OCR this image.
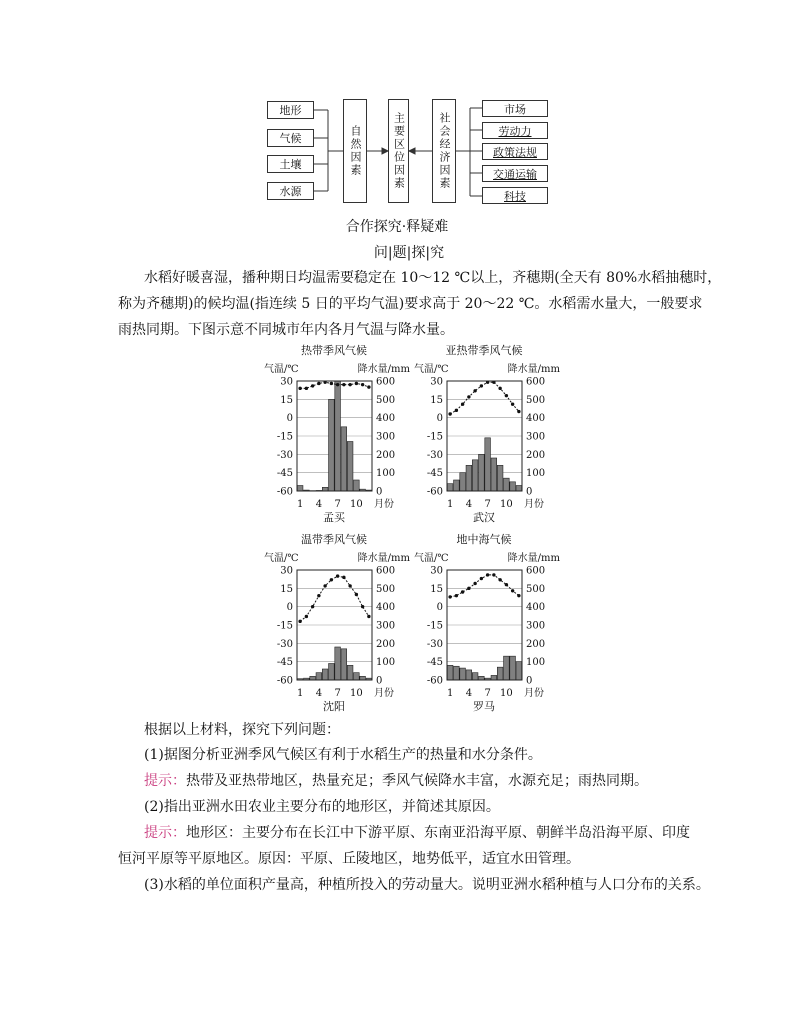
地形
气候
土壤
水源
自然因素	主要区位因素	社会经济因素
市场
劳动力
政策法规
交通运输
科技
合作探究·释疑难
问|题|探|究
水稻好暖喜湿，播种期日均温需要稳定在 10～12 ℃以上，齐穗期(全天有 80%水稻抽穗时，
称为齐穗期)的候均温(指连续 5 日的平均气温)要求高于 20～22 ℃。水稻需水量大，一般要求
雨热同期。下图示意不同城市年内各月气温与降水量。
热带季风气候
气温/℃	降水量/mm
30	600
15	500
0	400
-15	300
-30	200
-45	100
-60	0
1 4 7 10 月份
孟买
亚热带季风气候
气温/℃	降水量/mm
30	600
15	500
0	400
-15	300
-30	200
-45	100
-60	0
1 4 7 10 月份
武汉
温带季风气候
气温/℃	降水量/mm
30	600
15	500
0	400
-15	300
-30	200
-45	100
-60	0
1 4 7 10 月份
沈阳
地中海气候
气温/℃	降水量/mm
30	600
15	500
0	400
-15	300
-30	200
-45	100
-60	0
1 4 7 10 月份
罗马
根据以上材料，探究下列问题：
(1)据图分析亚洲季风气候区有利于水稻生产的热量和水分条件。
提示：热带及亚热带地区，热量充足；季风气候降水丰富，水源充足；雨热同期。
(2)指出亚洲水田农业主要分布的地形区，并简述其原因。
提示：地形区：主要分布在长江中下游平原、东南亚沿海平原、朝鲜半岛沿海平原、印度
恒河平原等平原地区。原因：平原、丘陵地区，地势低平，适宜水田管理。
(3)水稻的单位面积产量高，种植所投入的劳动量大。说明亚洲水稻种植与人口分布的关系。
